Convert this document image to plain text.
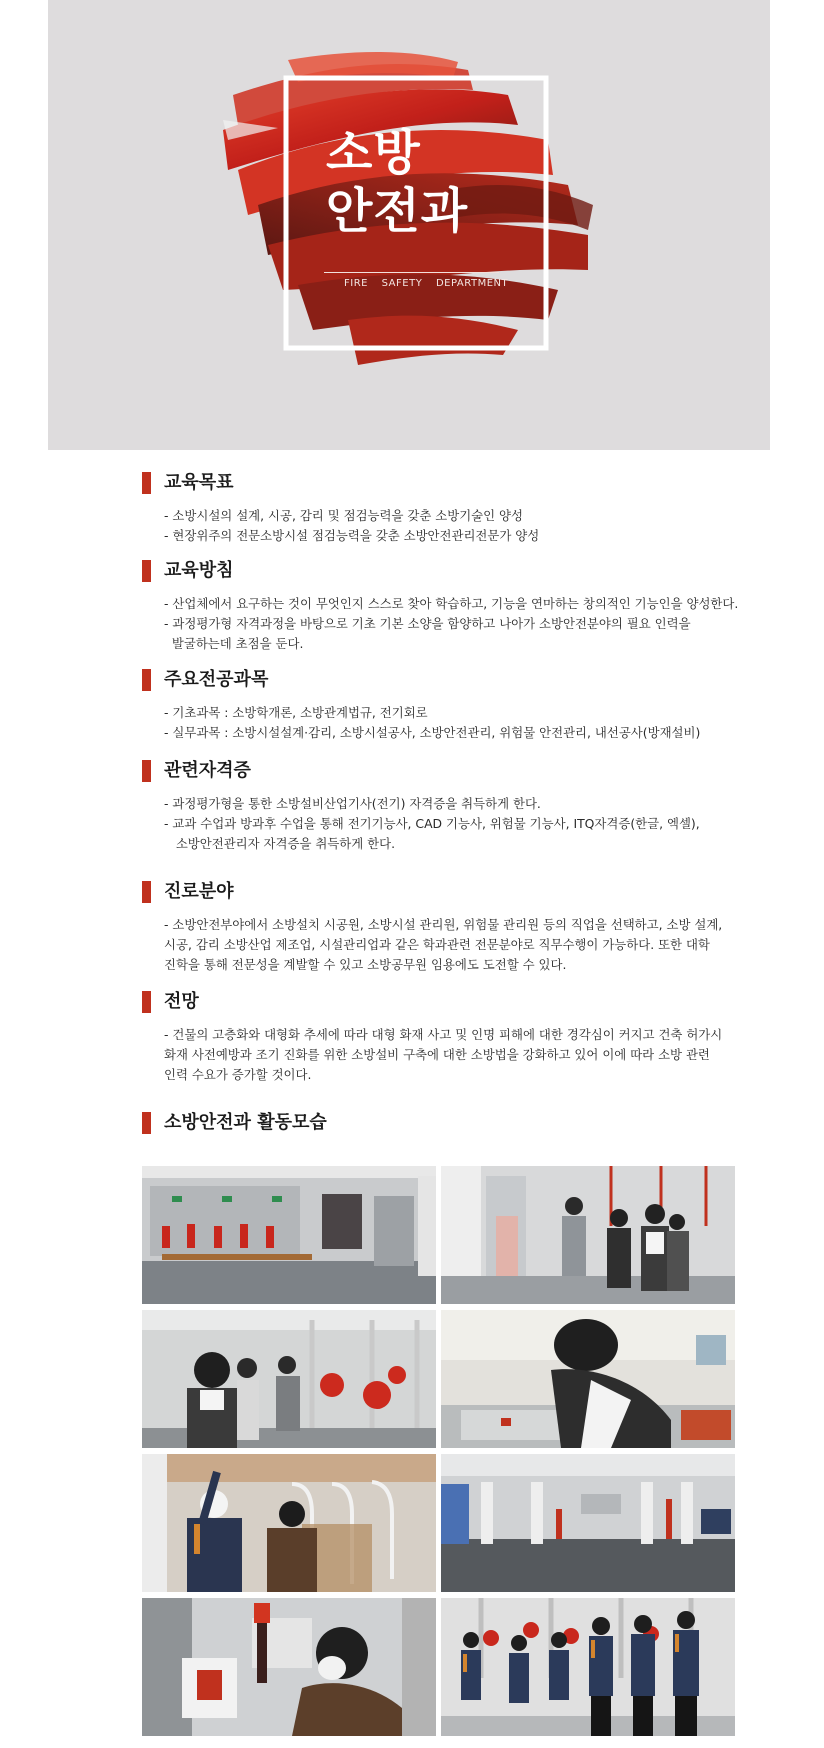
소방
안전과
FIRE SAFETY DEPARTMENT
교육목표
- 소방시설의 설계, 시공, 감리 및 점검능력을 갖춘 소방기술인 양성
- 현장위주의 전문소방시설 점검능력을 갖춘 소방안전관리전문가 양성
교육방침
- 산업체에서 요구하는 것이 무엇인지 스스로 찾아 학습하고, 기능을 연마하는 창의적인 기능인을 양성한다.
- 과정평가형 자격과정을 바탕으로 기초 기본 소양을 함양하고 나아가 소방안전분야의 필요 인력을
발굴하는데 초점을 둔다.
주요전공과목
- 기초과목 : 소방학개론, 소방관계법규, 전기회로
- 실무과목 : 소방시설설계·감리, 소방시설공사, 소방안전관리, 위험물 안전관리, 내선공사(방재설비)
관련자격증
- 과정평가형을 통한 소방설비산업기사(전기) 자격증을 취득하게 한다.
- 교과 수업과 방과후 수업을 통해 전기기능사, CAD 기능사, 위험물 기능사, ITQ자격증(한글, 엑셀),
소방안전관리자 자격증을 취득하게 한다.
진로분야
- 소방안전부야에서 소방설치 시공원, 소방시설 관리원, 위험물 관리원 등의 직업을 선택하고, 소방 설계,
시공, 감리 소방산업 제조업, 시설관리업과 같은 학과관련 전문분야로 직무수행이 가능하다. 또한 대학
진학을 통해 전문성을 계발할 수 있고 소방공무원 임용에도 도전할 수 있다.
전망
- 건물의 고층화와 대형화 추세에 따라 대형 화재 사고 및 인명 피해에 대한 경각심이 커지고 건축 허가시
화재 사전예방과 조기 진화를 위한 소방설비 구축에 대한 소방법을 강화하고 있어 이에 따라 소방 관련
인력 수요가 증가할 것이다.
소방안전과 활동모습
